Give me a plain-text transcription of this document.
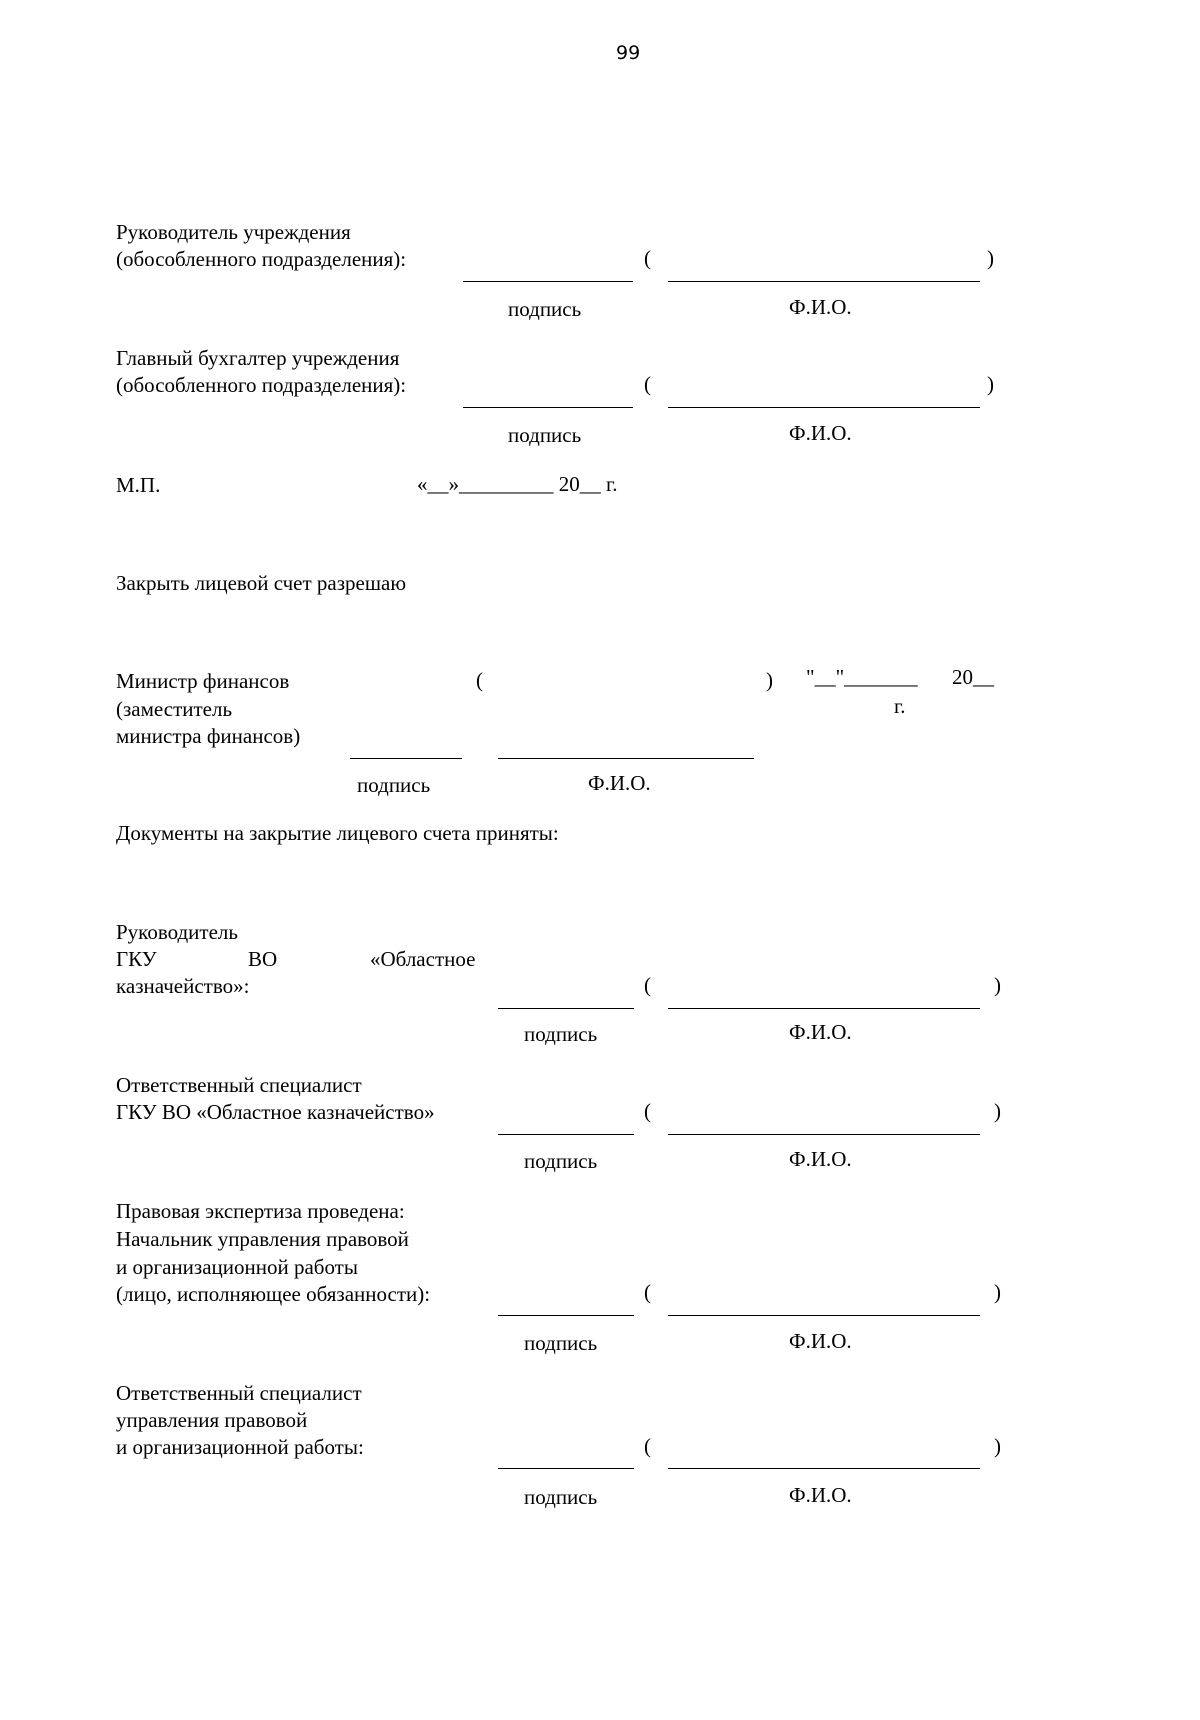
99
Руководитель учреждения
(обособленного подразделения):	(	)
подпись	Ф.И.О.
Главный бухгалтер учреждения
(обособленного подразделения):	(	)
подпись	Ф.И.О.
М.П.	«__»_________ 20__ г.
Закрыть лицевой счет разрешаю
Министр финансов
(заместитель
министра финансов)
(	) "__"_______ 20__
г.
подпись	Ф.И.О.
Документы на закрытие лицевого счета приняты:
Руководитель
ГКУ	ВО	«Областное
казначейство»:	(	)
подпись	Ф.И.О.
Ответственный специалист
ГКУ ВО «Областное казначейство»	(	)
подпись	Ф.И.О.
Правовая экспертиза проведена:
Начальник управления правовой
и организационной работы
(лицо, исполняющее обязанности):	(	)
подпись	Ф.И.О.
Ответственный специалист
управления правовой
и организационной работы:	(	)
подпись	Ф.И.О.
